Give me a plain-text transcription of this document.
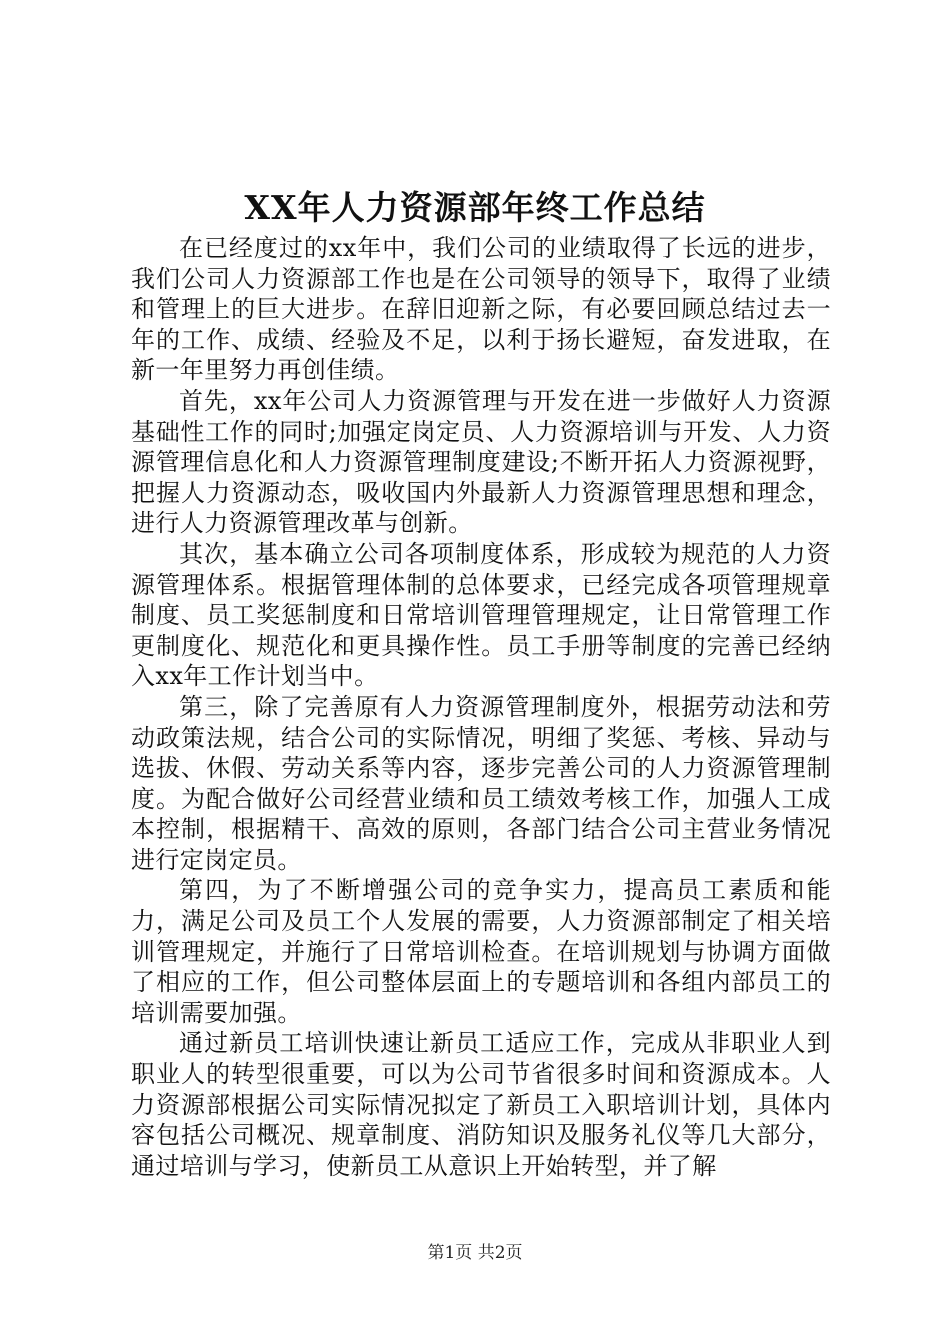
XX年人力资源部年终工作总结

在已经度过的xx年中，我们公司的业绩取得了长远的进步，我们公司人力资源部工作也是在公司领导的领导下，取得了业绩和管理上的巨大进步。在辞旧迎新之际，有必要回顾总结过去一年的工作、成绩、经验及不足，以利于扬长避短，奋发进取，在新一年里努力再创佳绩。

首先，xx年公司人力资源管理与开发在进一步做好人力资源基础性工作的同时;加强定岗定员、人力资源培训与开发、人力资源管理信息化和人力资源管理制度建设;不断开拓人力资源视野，把握人力资源动态，吸收国内外最新人力资源管理思想和理念，进行人力资源管理改革与创新。

其次，基本确立公司各项制度体系，形成较为规范的人力资源管理体系。根据管理体制的总体要求，已经完成各项管理规章制度、员工奖惩制度和日常培训管理管理规定，让日常管理工作更制度化、规范化和更具操作性。员工手册等制度的完善已经纳入xx年工作计划当中。

第三，除了完善原有人力资源管理制度外，根据劳动法和劳动政策法规，结合公司的实际情况，明细了奖惩、考核、异动与选拔、休假、劳动关系等内容，逐步完善公司的人力资源管理制度。为配合做好公司经营业绩和员工绩效考核工作，加强人工成本控制，根据精干、高效的原则，各部门结合公司主营业务情况进行定岗定员。

第四，为了不断增强公司的竞争实力，提高员工素质和能力，满足公司及员工个人发展的需要，人力资源部制定了相关培训管理规定，并施行了日常培训检查。在培训规划与协调方面做了相应的工作，但公司整体层面上的专题培训和各组内部员工的培训需要加强。

通过新员工培训快速让新员工适应工作，完成从非职业人到职业人的转型很重要，可以为公司节省很多时间和资源成本。人力资源部根据公司实际情况拟定了新员工入职培训计划，具体内容包括公司概况、规章制度、消防知识及服务礼仪等几大部分，通过培训与学习，使新员工从意识上开始转型，并了解

第1页 共2页
